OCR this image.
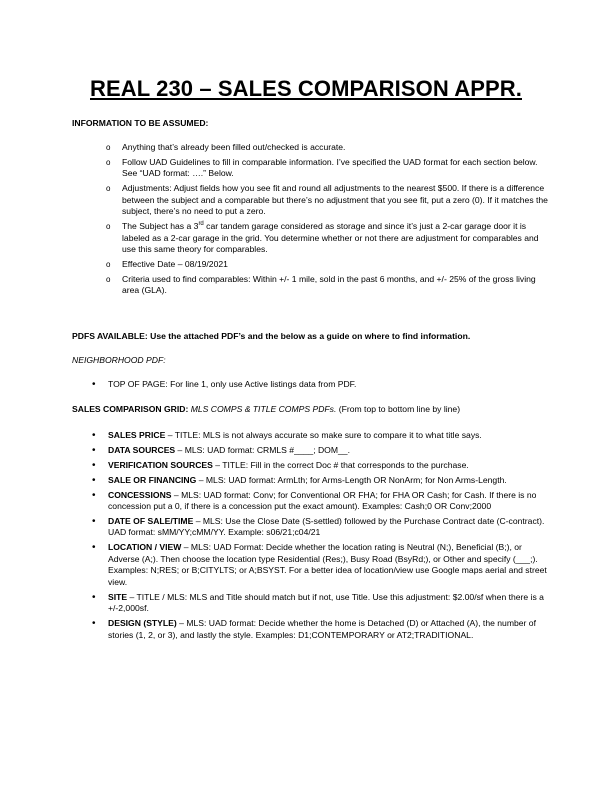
REAL 230 – SALES COMPARISON APPR.
INFORMATION TO BE ASSUMED:
o Anything that’s already been filled out/checked is accurate.
o Follow UAD Guidelines to fill in comparable information. I’ve specified the UAD format for each section below. See “UAD format: ….” Below.
o Adjustments: Adjust fields how you see fit and round all adjustments to the nearest $500. If there is a difference between the subject and a comparable but there’s no adjustment that you see fit, put a zero (0). If it matches the subject, there’s no need to put a zero.
o The Subject has a 3rd car tandem garage considered as storage and since it’s just a 2-car garage door it is labeled as a 2-car garage in the grid. You determine whether or not there are adjustment for comparables and use this same theory for comparables.
o Effective Date – 08/19/2021
o Criteria used to find comparables: Within +/- 1 mile, sold in the past 6 months, and +/- 25% of the gross living area (GLA).
PDFS AVAILABLE: Use the attached PDF’s and the below as a guide on where to find information.
NEIGHBORHOOD PDF:
• TOP OF PAGE: For line 1, only use Active listings data from PDF.
SALES COMPARISON GRID: MLS COMPS & TITLE COMPS PDFs. (From top to bottom line by line)
• SALES PRICE – TITLE: MLS is not always accurate so make sure to compare it to what title says.
• DATA SOURCES – MLS: UAD format: CRMLS #____; DOM__.
• VERIFICATION SOURCES – TITLE: Fill in the correct Doc # that corresponds to the purchase.
• SALE OR FINANCING – MLS: UAD format: ArmLth; for Arms-Length OR NonArm; for Non Arms-Length.
• CONCESSIONS – MLS: UAD format: Conv; for Conventional OR FHA; for FHA OR Cash; for Cash. If there is no concession put a 0, if there is a concession put the exact amount). Examples: Cash;0 OR Conv;2000
• DATE OF SALE/TIME – MLS: Use the Close Date (S-settled) followed by the Purchase Contract date (C-contract). UAD format: sMM/YY;cMM/YY. Example: s06/21;c04/21
• LOCATION / VIEW – MLS: UAD Format: Decide whether the location rating is Neutral (N;), Beneficial (B;), or Adverse (A;). Then choose the location type Residential (Res;), Busy Road (BsyRd;), or Other and specify (___;). Examples: N;RES; or B;CITYLTS; or A;BSYST. For a better idea of location/view use Google maps aerial and street view.
• SITE – TITLE / MLS: MLS and Title should match but if not, use Title. Use this adjustment: $2.00/sf when there is a +/-2,000sf.
• DESIGN (STYLE) – MLS: UAD format: Decide whether the home is Detached (D) or Attached (A), the number of stories (1, 2, or 3), and lastly the style. Examples: D1;CONTEMPORARY or AT2;TRADITIONAL.
